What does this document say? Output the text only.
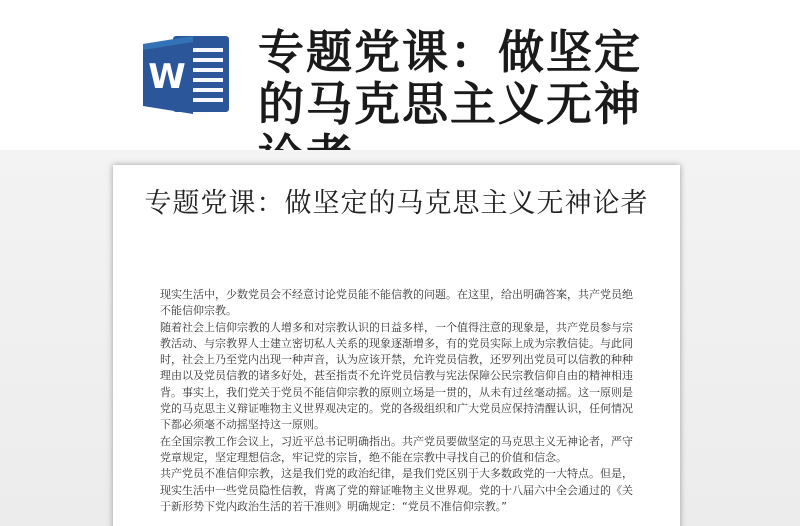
W 专题党课：做坚定的马克思主义无神
专题党课：做坚定的马克思主义无神论者

现实生活中，少数党员会不经意讨论党员能不能信教的问题。在这里，给出明确答案，共产党员绝不能信仰宗教。

随着社会上信仰宗教的人增多和对宗教认识的日益多样，一个值得注意的现象是，共产党员参与宗教活动、与宗教界人士建立密切私人关系的现象逐渐增多，有的党员实际上成为宗教信徒。与此同时，社会上乃至党内出现一种声音，认为应该开禁，允许党员信教，还罗列出党员可以信教的种种理由以及党员信教的诸多好处，甚至指责不允许党员信教与宪法保障公民宗教信仰自由的精神相违背。事实上，我们党关于党员不能信仰宗教的原则立场是一贯的，从未有过丝毫动摇。这一原则是党的马克思主义辩证唯物主义世界观决定的。党的各级组织和广大党员应保持清醒认识，任何情况下都必须毫不动摇坚持这一原则。

在全国宗教工作会议上，习近平总书记明确指出。共产党员要做坚定的马克思主义无神论者，严守党章规定，坚定理想信念，牢记党的宗旨，绝不能在宗教中寻找自己的价值和信念。

共产党员不准信仰宗教，这是我们党的政治纪律，是我们党区别于大多数政党的一大特点。但是，现实生活中一些党员隐性信教，背离了党的辩证唯物主义世界观。党的十八届六中全会通过的《关于新形势下党内政治生活的若干准则》明确规定：“党员不准信仰宗教。”
